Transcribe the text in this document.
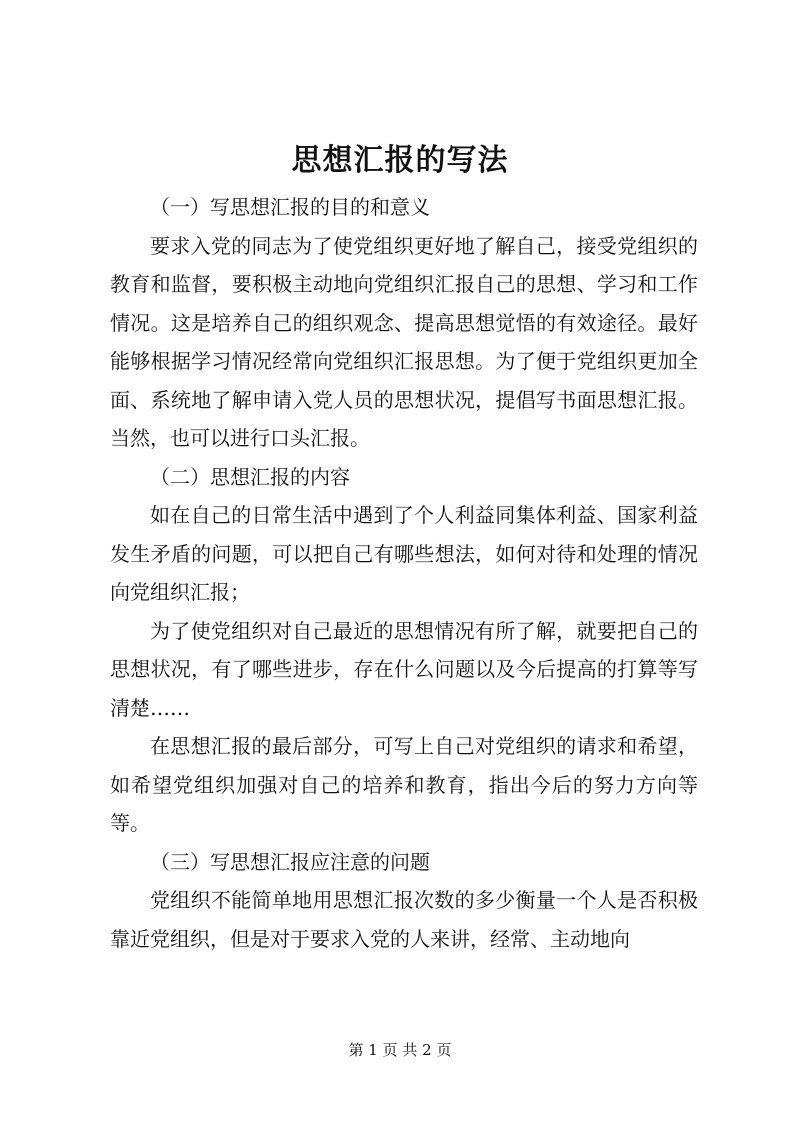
思想汇报的写法

（一）写思想汇报的目的和意义

要求入党的同志为了使党组织更好地了解自己，接受党组织的教育和监督，要积极主动地向党组织汇报自己的思想、学习和工作情况。这是培养自己的组织观念、提高思想觉悟的有效途径。最好能够根据学习情况经常向党组织汇报思想。为了便于党组织更加全面、系统地了解申请入党人员的思想状况，提倡写书面思想汇报。当然，也可以进行口头汇报。

（二）思想汇报的内容

如在自己的日常生活中遇到了个人利益同集体利益、国家利益发生矛盾的问题，可以把自己有哪些想法，如何对待和处理的情况向党组织汇报；

为了使党组织对自己最近的思想情况有所了解，就要把自己的思想状况，有了哪些进步，存在什么问题以及今后提高的打算等写清楚……

在思想汇报的最后部分，可写上自己对党组织的请求和希望，如希望党组织加强对自己的培养和教育，指出今后的努力方向等等。

（三）写思想汇报应注意的问题

党组织不能简单地用思想汇报次数的多少衡量一个人是否积极靠近党组织，但是对于要求入党的人来讲，经常、主动地向

第 1 页 共 2 页
